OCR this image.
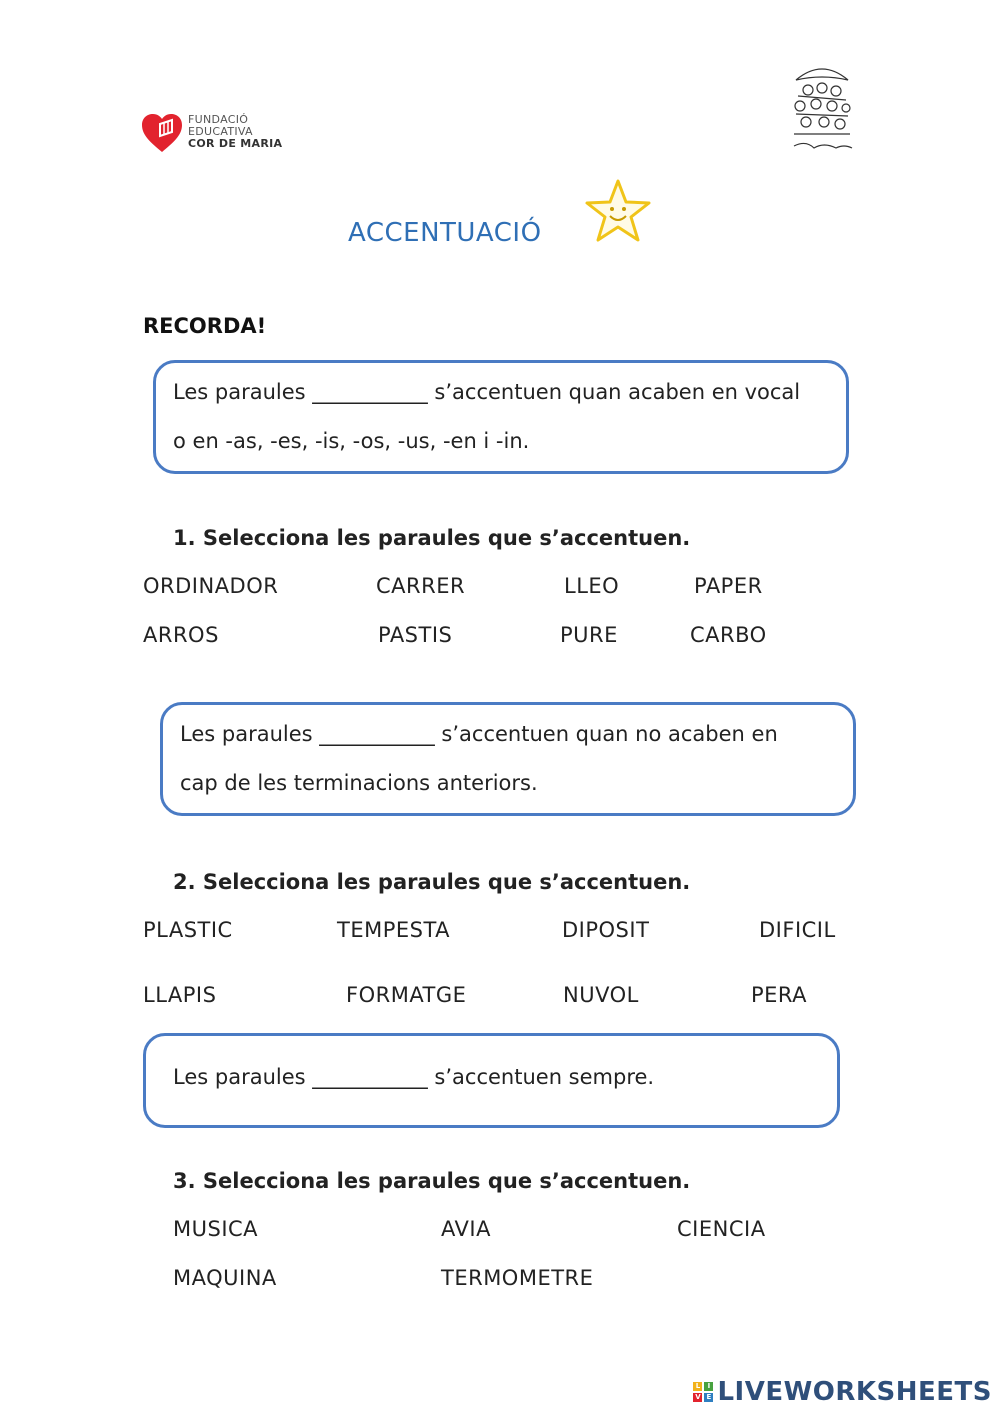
FUNDACIÓ
EDUCATIVA
COR DE MARIA
ACCENTUACIÓ
RECORDA!

Les paraules ___________ s’accentuen quan acaben en vocal

o en -as, -es, -is, -os, -us, -en i -in.

1. Selecciona les paraules que s’accentuen.
ORDINADOR	CARRER	LLEO	PAPER
ARROS	PASTIS	PURE	CARBO

Les paraules ___________ s’accentuen quan no acaben en

cap de les terminacions anteriors.

2. Selecciona les paraules que s’accentuen.
PLASTIC	TEMPESTA	DIPOSIT	DIFICIL
LLAPIS	FORMATGE	NUVOL	PERA

Les paraules ___________ s’accentuen sempre.

3. Selecciona les paraules que s’accentuen.
MUSICA	AVIA	CIENCIA
MAQUINA	TERMOMETRE
L	I
V E LIVEWORKSHEETS
